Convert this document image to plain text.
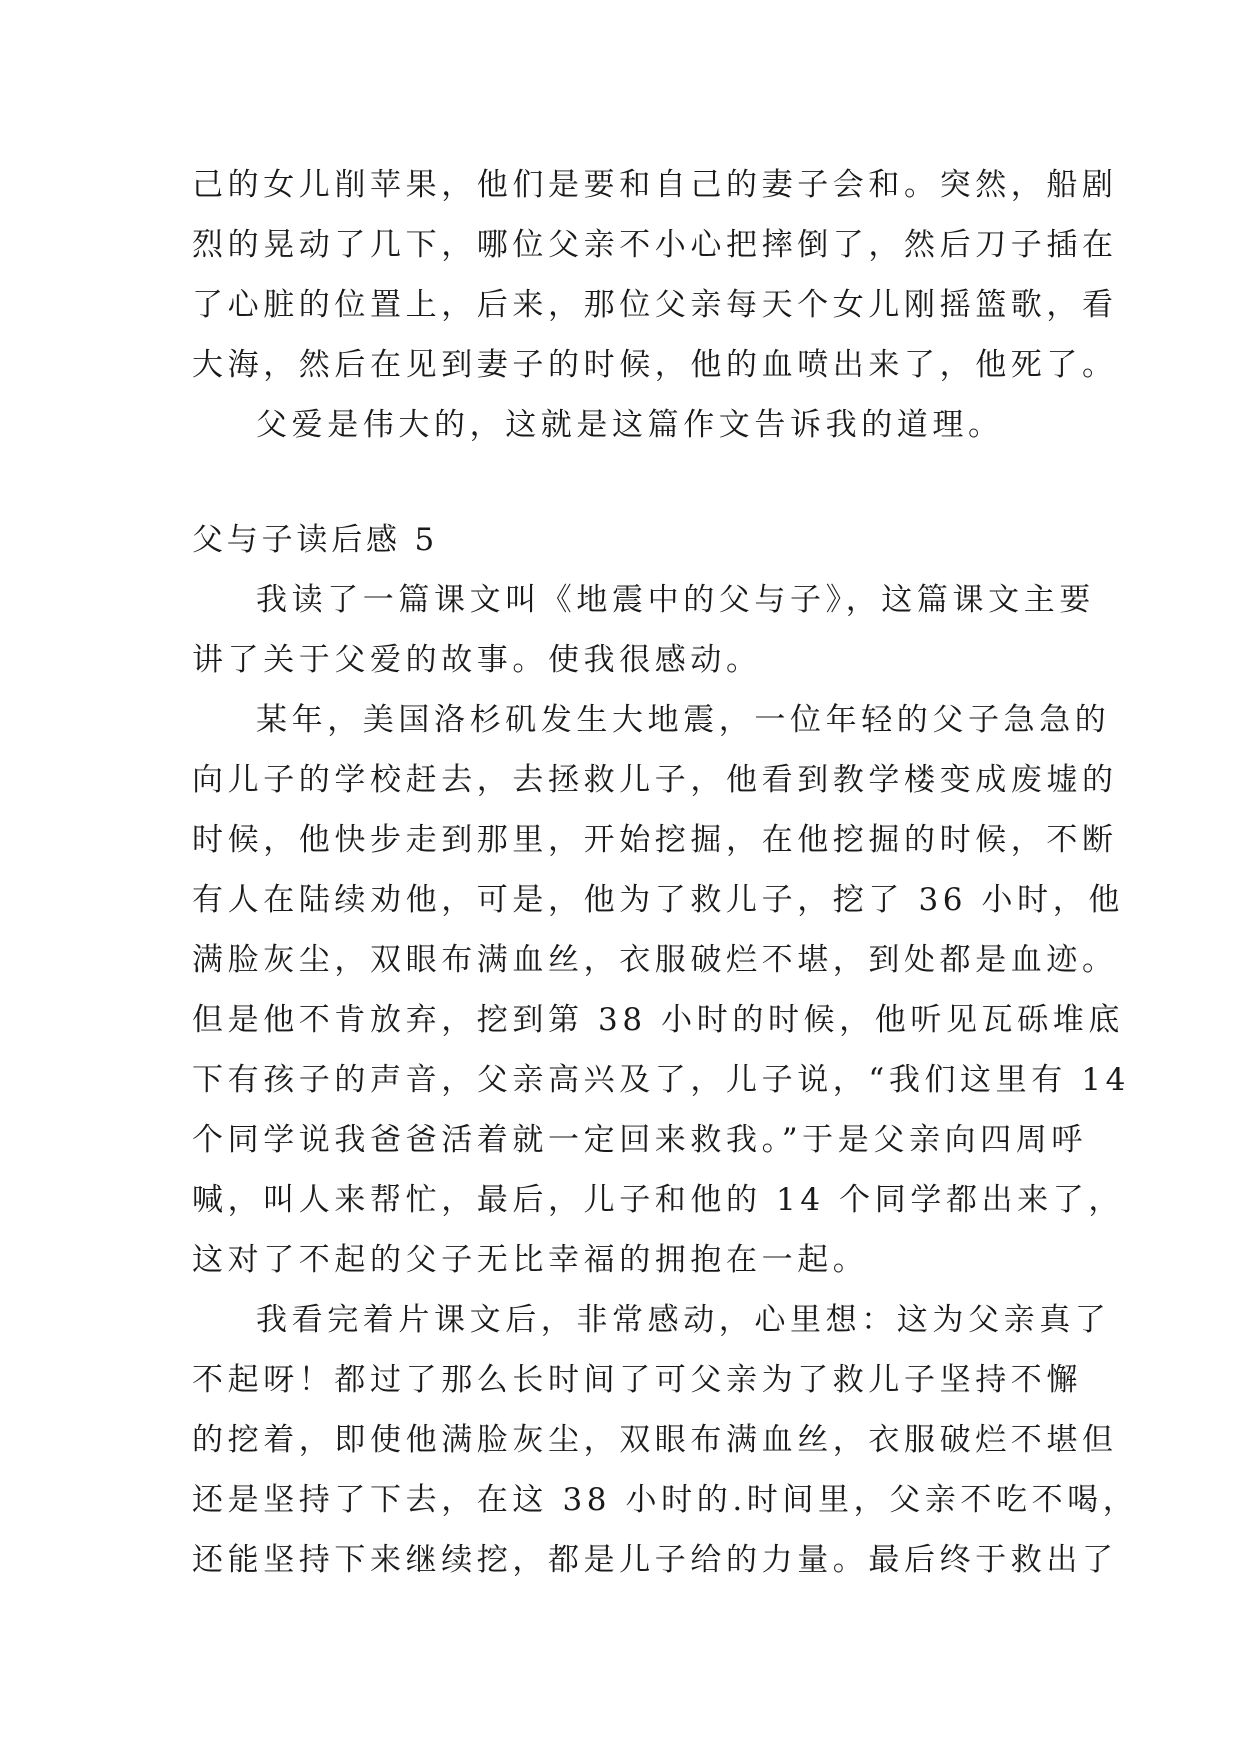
己的女儿削苹果，他们是要和自己的妻子会和。突然，船剧
烈的晃动了几下，哪位父亲不小心把摔倒了，然后刀子插在
了心脏的位置上，后来，那位父亲每天个女儿刚摇篮歌，看
大海，然后在见到妻子的时候，他的血喷出来了，他死了。
父爱是伟大的，这就是这篇作文告诉我的道理。
父与子读后感 5
我读了一篇课文叫《地震中的父与子》，这篇课文主要
讲了关于父爱的故事。使我很感动。
某年，美国洛杉矶发生大地震，一位年轻的父子急急的
向儿子的学校赶去，去拯救儿子，他看到教学楼变成废墟的
时候，他快步走到那里，开始挖掘，在他挖掘的时候，不断
有人在陆续劝他，可是，他为了救儿子，挖了 36 小时，他
满脸灰尘，双眼布满血丝，衣服破烂不堪，到处都是血迹。
但是他不肯放弃，挖到第 38 小时的时候，他听见瓦砾堆底
下有孩子的声音，父亲高兴及了，儿子说，“我们这里有 14
个同学说我爸爸活着就一定回来救我。”于是父亲向四周呼
喊，叫人来帮忙，最后，儿子和他的 14 个同学都出来了，
这对了不起的父子无比幸福的拥抱在一起。
我看完着片课文后，非常感动，心里想：这为父亲真了
不起呀！都过了那么长时间了可父亲为了救儿子坚持不懈
的挖着，即使他满脸灰尘，双眼布满血丝，衣服破烂不堪但
还是坚持了下去，在这 38 小时的.时间里，父亲不吃不喝，
还能坚持下来继续挖，都是儿子给的力量。最后终于救出了
